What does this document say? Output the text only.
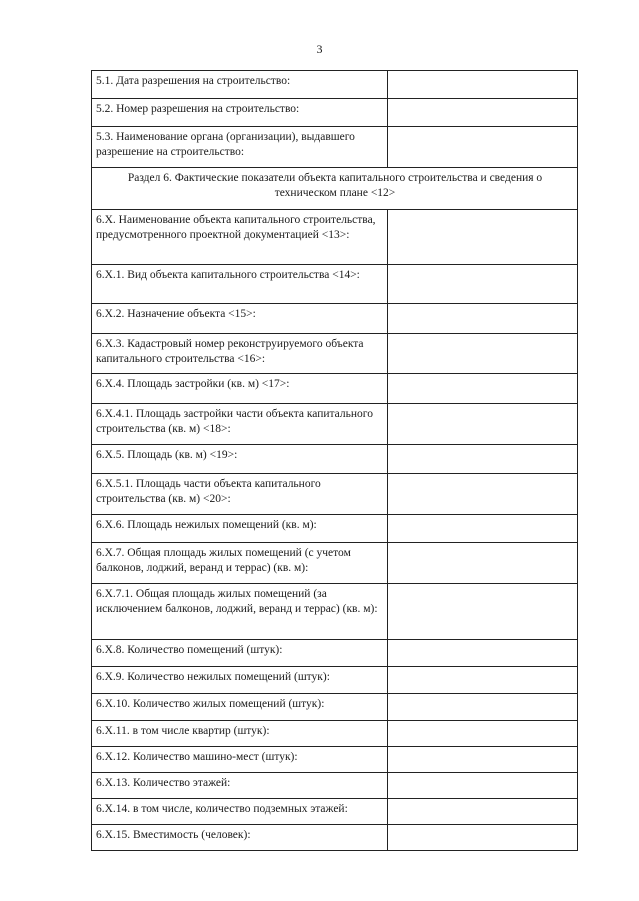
3
5.1. Дата разрешения на строительство:	
5.2. Номер разрешения на строительство:	
5.3. Наименование органа (организации), выдавшего разрешение на строительство:	
Раздел 6. Фактические показатели объекта капитального строительства и сведения о техническом плане <12>	
6.X. Наименование объекта капитального строительства, предусмотренного проектной документацией <13>:	
6.X.1. Вид объекта капитального строительства <14>:	
6.X.2. Назначение объекта <15>:	
6.X.3. Кадастровый номер реконструируемого объекта капитального строительства <16>:	
6.X.4. Площадь застройки (кв. м) <17>:	
6.X.4.1. Площадь застройки части объекта капитального строительства (кв. м) <18>:	
6.X.5. Площадь (кв. м) <19>:	
6.X.5.1. Площадь части объекта капитального строительства (кв. м) <20>:	
6.X.6. Площадь нежилых помещений (кв. м):	
6.X.7. Общая площадь жилых помещений (с учетом балконов, лоджий, веранд и террас) (кв. м):	
6.X.7.1. Общая площадь жилых помещений (за исключением балконов, лоджий, веранд и террас) (кв. м):	
6.X.8. Количество помещений (штук):	
6.X.9. Количество нежилых помещений (штук):	
6.X.10. Количество жилых помещений (штук):	
6.X.11. в том числе квартир (штук):	
6.X.12. Количество машино-мест (штук):	
6.X.13. Количество этажей:	
6.X.14. в том числе, количество подземных этажей:	
6.X.15. Вместимость (человек):	
